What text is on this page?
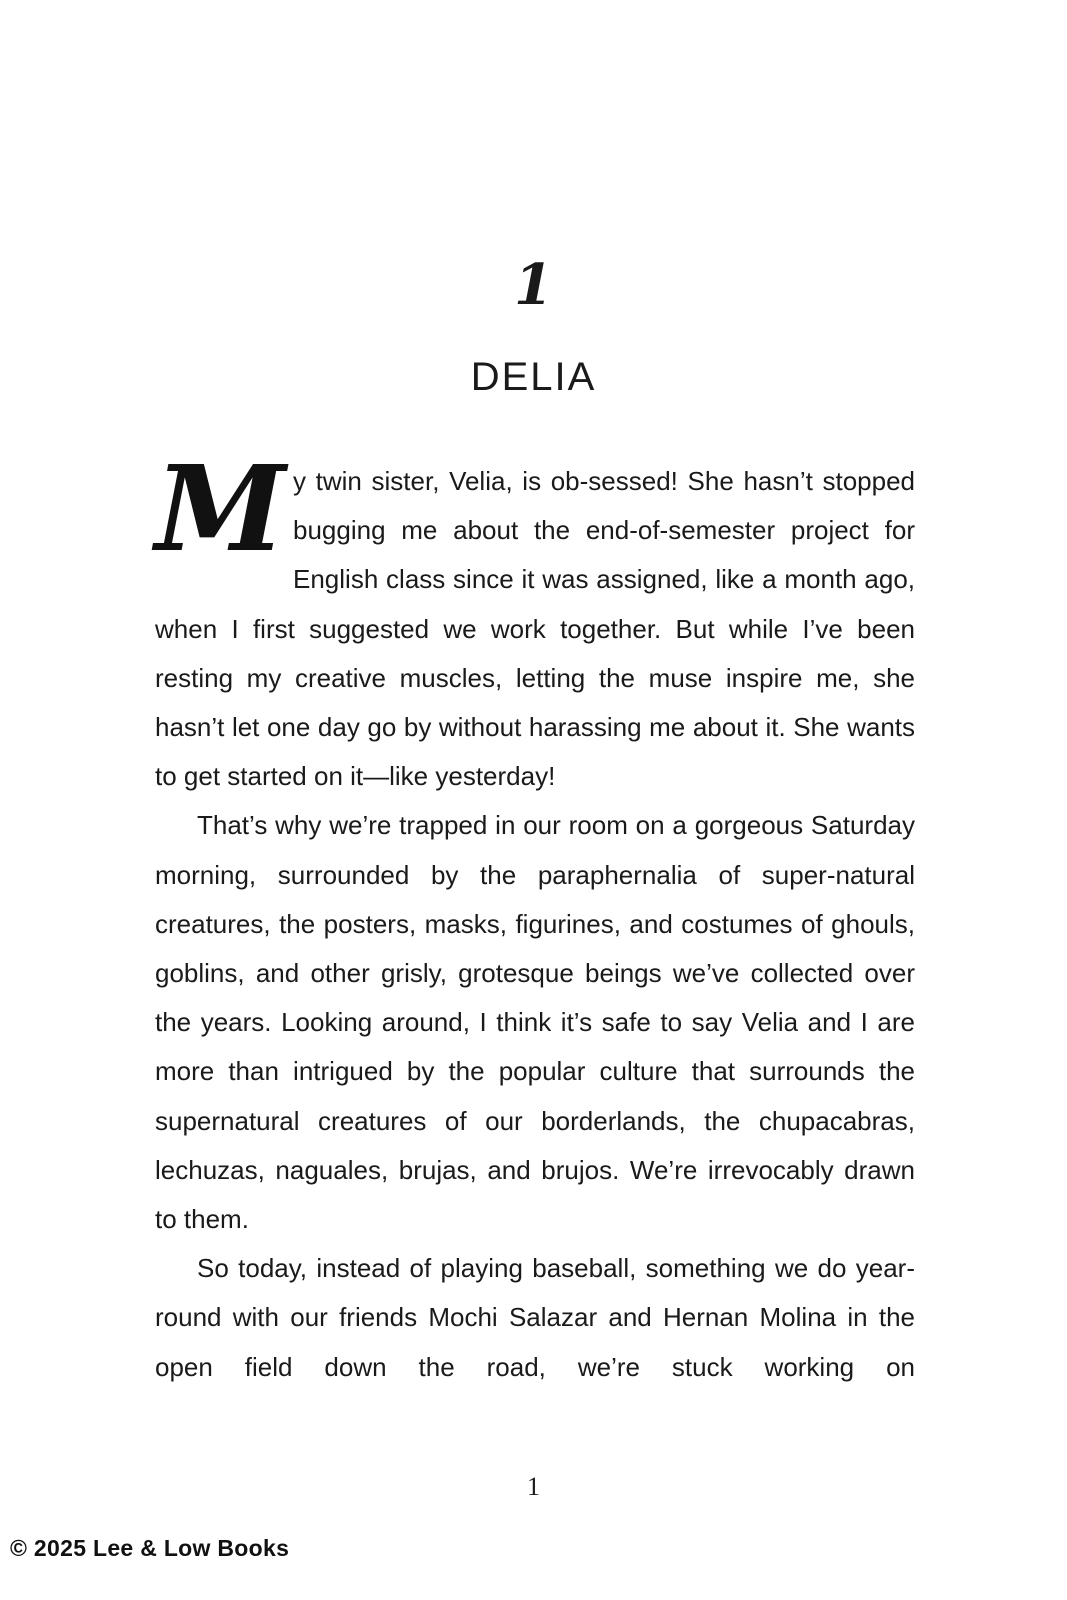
1
DELIA

My twin sister, Velia, is ob-sessed! She hasn’t stopped bugging me about the end-of-semester project for English class since it was assigned, like a month ago, when I first suggested we work together. But while I’ve been resting my creative muscles, letting the muse inspire me, she hasn’t let one day go by without harassing me about it. She wants to get started on it—like yesterday!

That’s why we’re trapped in our room on a gorgeous Saturday morning, surrounded by the paraphernalia of super-natural creatures, the posters, masks, figurines, and costumes of ghouls, goblins, and other grisly, grotesque beings we’ve collected over the years. Looking around, I think it’s safe to say Velia and I are more than intrigued by the popular culture that surrounds the supernatural creatures of our borderlands, the chupacabras, lechuzas, naguales, brujas, and brujos. We’re irrevocably drawn to them.

So today, instead of playing baseball, something we do year-round with our friends Mochi Salazar and Hernan Molina in the open field down the road, we’re stuck working on

1
© 2025 Lee & Low Books
